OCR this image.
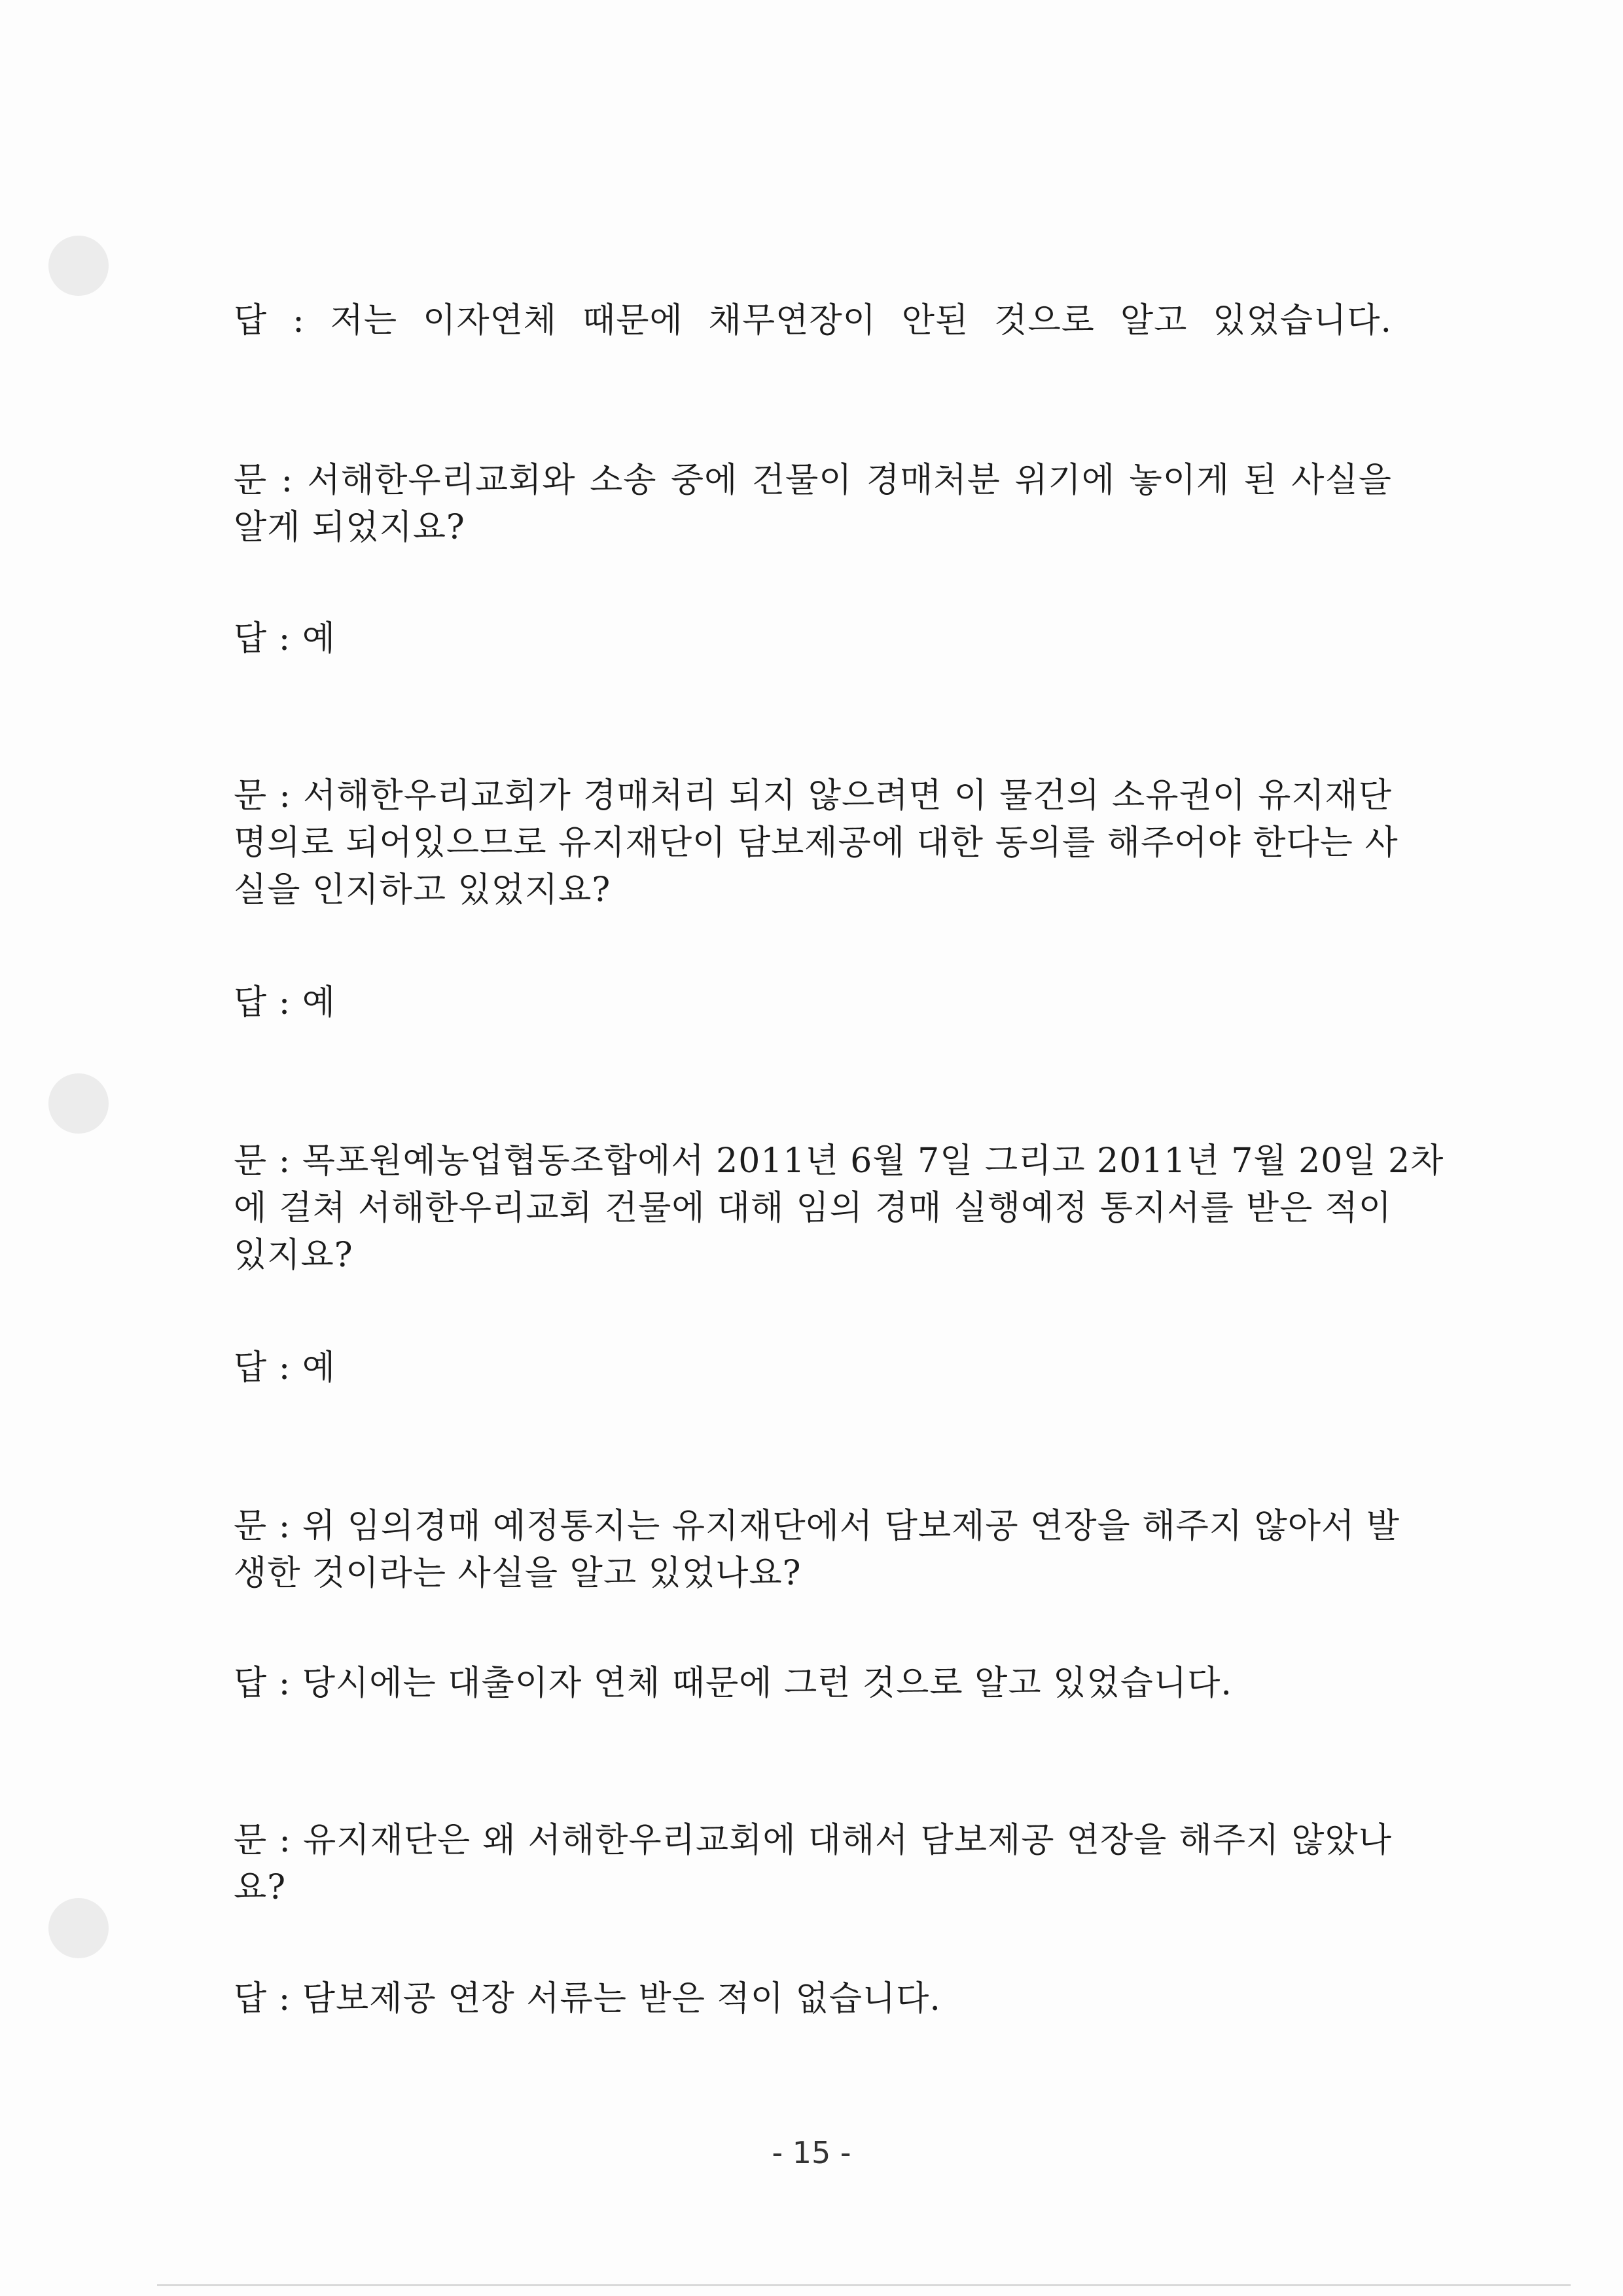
답 : 저는 이자연체 때문에 채무연장이 안된 것으로 알고 있었습니다.
문 : 서해한우리교회와 소송 중에 건물이 경매처분 위기에 놓이게 된 사실을
알게 되었지요?
답 : 예
문 : 서해한우리교회가 경매처리 되지 않으려면 이 물건의 소유권이 유지재단
명의로 되어있으므로 유지재단이 담보제공에 대한 동의를 해주어야 한다는 사
실을 인지하고 있었지요?
답 : 예
문 : 목포원예농업협동조합에서 2011년 6월 7일 그리고 2011년 7월 20일 2차
에 걸쳐 서해한우리교회 건물에 대해 임의 경매 실행예정 통지서를 받은 적이
있지요?
답 : 예
문 : 위 임의경매 예정통지는 유지재단에서 담보제공 연장을 해주지 않아서 발
생한 것이라는 사실을 알고 있었나요?
답 : 당시에는 대출이자 연체 때문에 그런 것으로 알고 있었습니다.
문 : 유지재단은 왜 서해한우리교회에 대해서 담보제공 연장을 해주지 않았나
요?
답 : 담보제공 연장 서류는 받은 적이 없습니다.
- 15 -
